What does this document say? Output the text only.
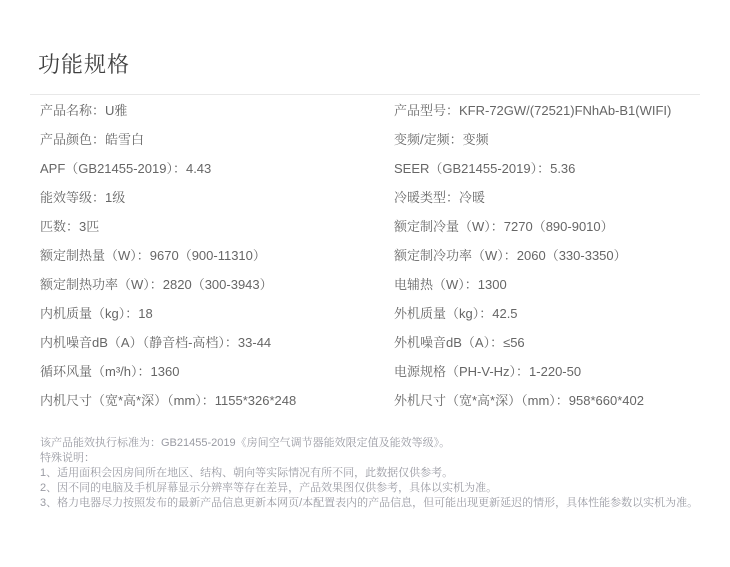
功能规格
产品名称：U雅	产品型号：KFR-72GW/(72521)FNhAb-B1(WIFI)
产品颜色：皓雪白	变频/定频：变频
APF（GB21455-2019）：4.43	SEER（GB21455-2019）：5.36
能效等级：1级	冷暖类型：冷暖
匹数：3匹	额定制冷量（W）：7270（890-9010）
额定制热量（W）：9670（900-11310）	额定制冷功率（W）：2060（330-3350）
额定制热功率（W）：2820（300-3943）	电辅热（W）：1300
内机质量（kg）：18	外机质量（kg）：42.5
内机噪音dB（A）（静音档-高档）：33-44	外机噪音dB（A）：≤56
循环风量（m³/h）：1360	电源规格（PH-V-Hz）：1-220-50
内机尺寸（宽*高*深）（mm）：1155*326*248	外机尺寸（宽*高*深）（mm）：958*660*402

该产品能效执行标准为：GB21455-2019《房间空气调节器能效限定值及能效等级》。

特殊说明：

1、适用面积会因房间所在地区、结构、朝向等实际情况有所不同，此数据仅供参考。

2、因不同的电脑及手机屏幕显示分辨率等存在差异，产品效果图仅供参考，具体以实机为准。

3、格力电器尽力按照发布的最新产品信息更新本网页/本配置表内的产品信息，但可能出现更新延迟的情形，具体性能参数以实机为准。
